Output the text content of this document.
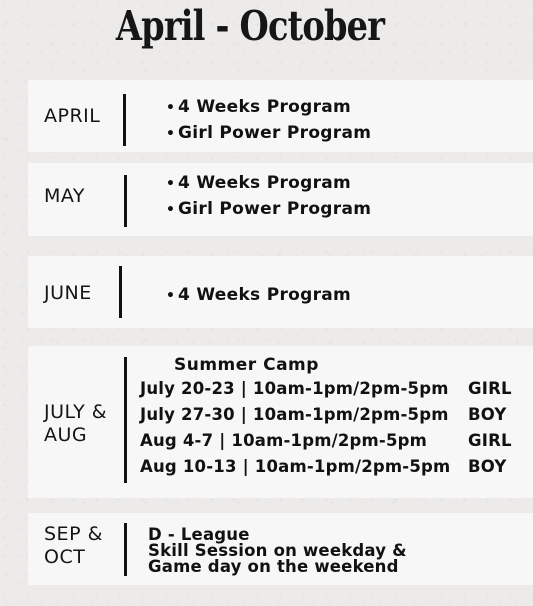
April - October
APRIL	• 4 Weeks Program
• Girl Power Program
MAY
• 4 Weeks Program
• Girl Power Program
JUNE	• 4 Weeks Program
JULY &
AUG
Summer Camp
July 20-23 | 10am-1pm/2pm-5pm GIRL
July 27-30 | 10am-1pm/2pm-5pm BOY
Aug 4-7 | 10am-1pm/2pm-5pm GIRL
Aug 10-13 | 10am-1pm/2pm-5pm BOY
SEP &
OCT
D - League
Skill Session on weekday &
Game day on the weekend
